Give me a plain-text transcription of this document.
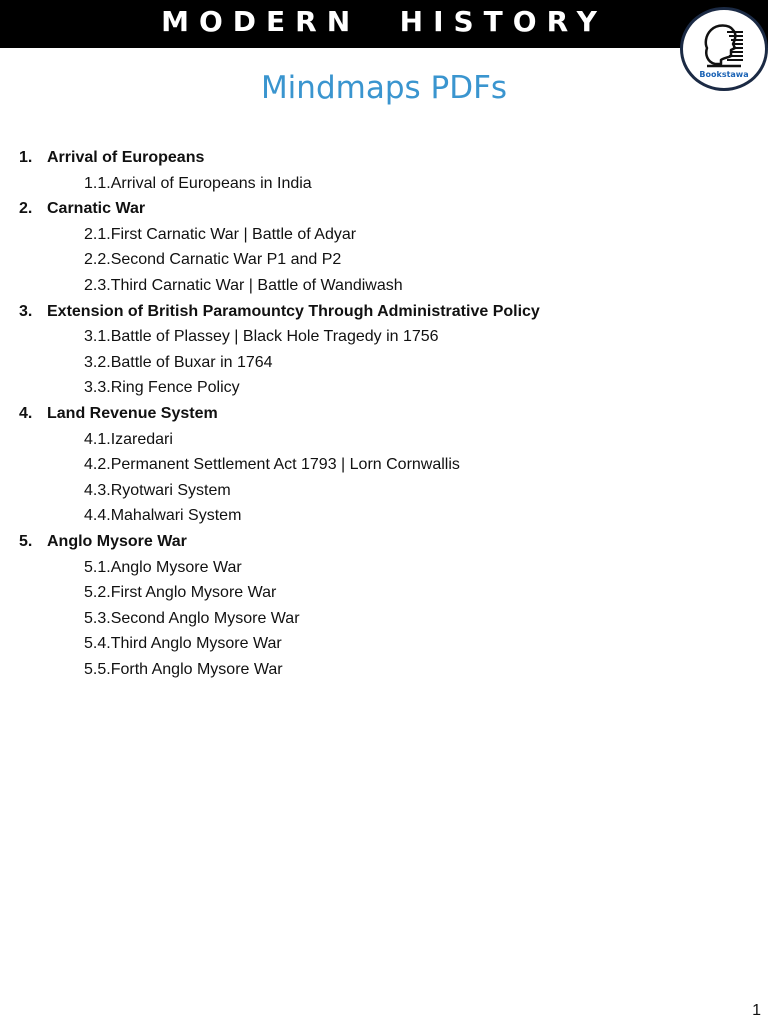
MODERN  HISTORY
Bookstawa
Mindmaps PDFs
1. Arrival of Europeans
1.1.Arrival of Europeans in India
2. Carnatic War
2.1.First Carnatic War | Battle of Adyar
2.2.Second Carnatic War P1 and P2
2.3.Third Carnatic War | Battle of Wandiwash
3. Extension of British Paramountcy Through Administrative Policy
3.1.Battle of Plassey | Black Hole Tragedy in 1756
3.2.Battle of Buxar in 1764
3.3.Ring Fence Policy
4. Land Revenue System
4.1.Izaredari
4.2.Permanent Settlement Act 1793 | Lorn Cornwallis
4.3.Ryotwari System
4.4.Mahalwari System
5. Anglo Mysore War
5.1.Anglo Mysore War
5.2.First Anglo Mysore War
5.3.Second Anglo Mysore War
5.4.Third Anglo Mysore War
5.5.Forth Anglo Mysore War
1
